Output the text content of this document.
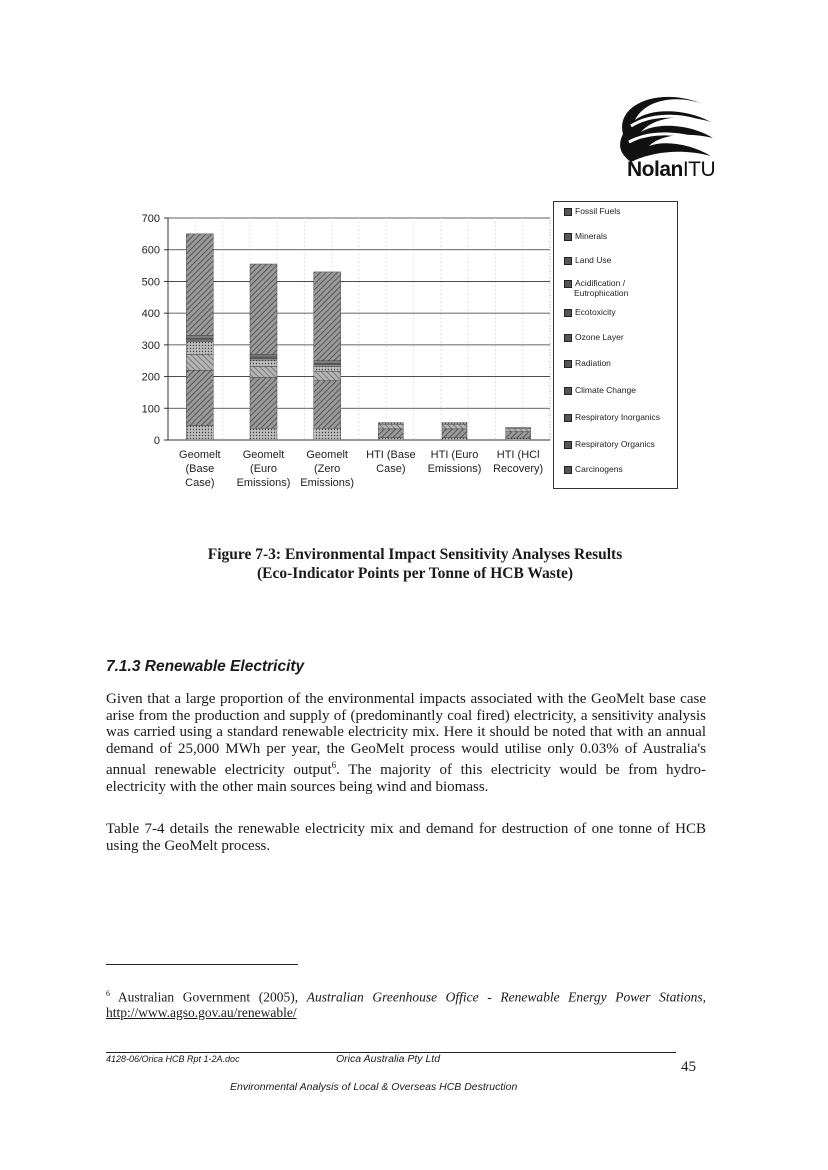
NolanITU
0
100
200
300
400
500
600
700
Geomelt
(Base
Case)
Geomelt
(Euro
Emissions)
Geomelt
(Zero
Emissions)
HTI (Base
Case)
HTI (Euro
Emissions)
HTI (HCl
Recovery)
Fossil Fuels
Minerals
Land Use
Acidification /
Eutrophication
Ecotoxicity
Ozone Layer
Radiation
Climate Change
Respiratory Inorganics
Respiratory Organics
Carcinogens
Figure 7-3: Environmental Impact Sensitivity Analyses Results
(Eco-Indicator Points per Tonne of HCB Waste)
7.1.3 Renewable Electricity
Given that a large proportion of the environmental impacts associated with the GeoMelt base case arise from the production and supply of (predominantly coal fired) electricity, a sensitivity analysis was carried using a standard renewable electricity mix. Here it should be noted that with an annual demand of 25,000 MWh per year, the GeoMelt process would utilise only 0.03% of Australia's annual renewable electricity output$^6$. The majority of this electricity would be from hydro-electricity with the other main sources being wind and biomass.
Table 7-4 details the renewable electricity mix and demand for destruction of one tonne of HCB using the GeoMelt process.
$^6$ Australian Government (2005), Australian Greenhouse Office - Renewable Energy Power Stations, http://www.agso.gov.au/renewable/
4128-06/Orica HCB Rpt 1-2A.doc	Orica Australia Pty Ltd	45
Environmental Analysis of Local & Overseas HCB Destruction
